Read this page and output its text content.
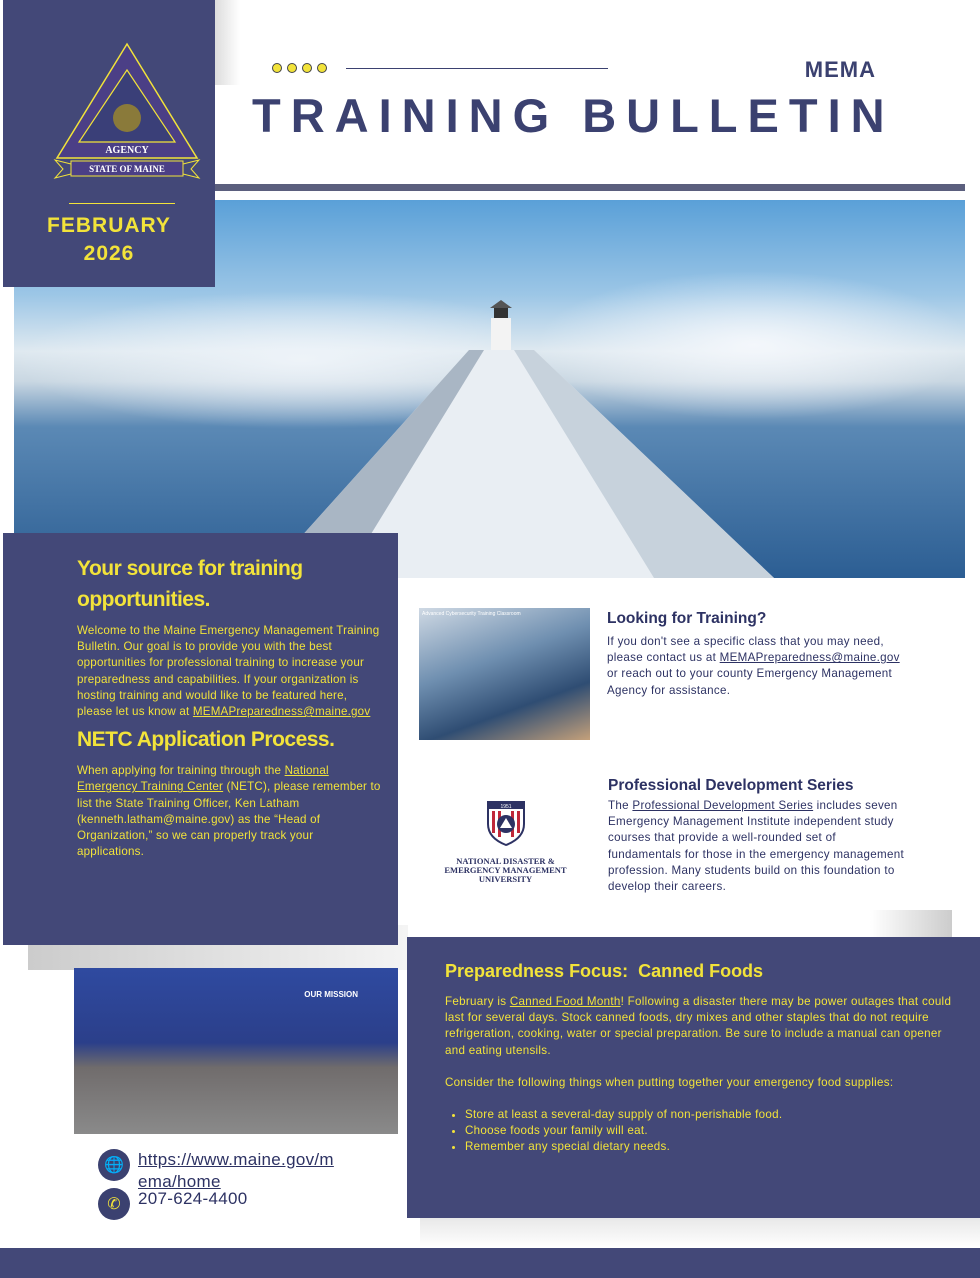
AGENCY
STATE OF MAINE
FEBRUARY
2026
MEMA
TRAINING BULLETIN
Your source for training opportunities.

Welcome to the Maine Emergency Management Training Bulletin. Our goal is to provide you with the best opportunities for professional training to increase your preparedness and capabilities. If your organization is hosting training and would like to be featured here, please let us know at MEMAPreparedness@maine.gov

NETC Application Process.

When applying for training through the National Emergency Training Center (NETC), please remember to list the State Training Officer, Ken Latham (kenneth.latham@maine.gov) as the “Head of Organization,” so we can properly track your applications.

Advanced Cybersecurity Training Classroom	Looking for Training?

If you don't see a specific class that you may need, please contact us at MEMAPreparedness@maine.gov or reach out to your county Emergency Management Agency for assistance.

1951
NATIONAL DISASTER & EMERGENCY MANAGEMENT UNIVERSITY
Professional Development Series

The Professional Development Series includes seven Emergency Management Institute independent study courses that provide a well-rounded set of fundamentals for those in the emergency management profession. Many students build on this foundation to develop their careers.

OUR MISSION
🌐 https://www.maine.gov/mema/home
✆	207-624-4400
Preparedness Focus:  Canned Foods

February is Canned Food Month! Following a disaster there may be power outages that could last for several days. Stock canned foods, dry mixes and other staples that do not require refrigeration, cooking, water or special preparation. Be sure to include a manual can opener and eating utensils.

Consider the following things when putting together your emergency food supplies:

• Store at least a several-day supply of non-perishable food.
• Choose foods your family will eat.
• Remember any special dietary needs.
